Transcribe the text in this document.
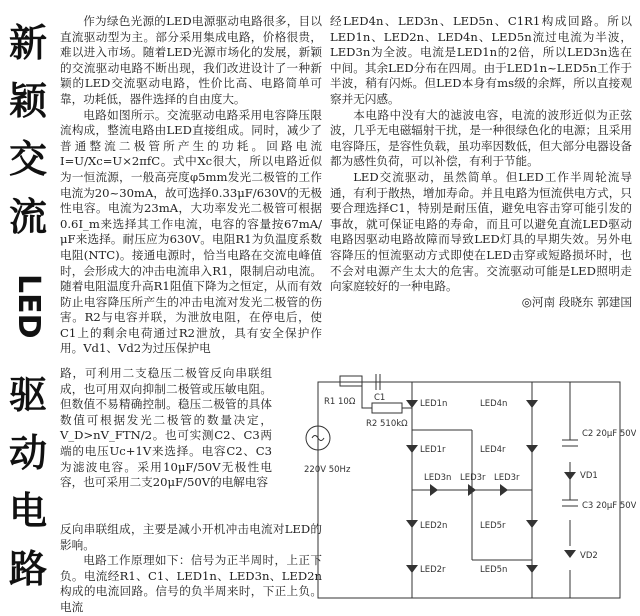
新
颖
交
流
LED
驱
动
电
路

作为绿色光源的LED电源驱动电路很多，目以直流驱动型为主。部分采用集成电路，价格很贵，难以进入市场。随着LED光源市场化的发展，新颖的交流驱动电路不断出现，我们改进设计了一种新颖的LED交流驱动电路，性价比高、电路简单可靠，功耗低，器件选择的自由度大。

电路如图所示。交流驱动电路采用电容降压限流构成，整流电路由LED直接组成。同时，减少了普通整流二极管所产生的功耗。回路电流I=U/Xc=U×2πfC。式中Xc很大，所以电路近似为一恒流源，一般高亮度φ5mm发光二极管的工作电流为20~30mA，故可选择0.33μF/630V的无极性电容。电流为23mA，大功率发光二极管可根据0.6I_m来选择其工作电流，电容的容量按67mA/μF来选择。耐压应为630V。电阻R1为负温度系数电阻(NTC)。接通电源时，恰当电路在交流电峰值时，会形成大的冲击电流串入R1，限制启动电流。随着电阻温度升高R1阻值下降为之恒定，从而有效防止电容降压所产生的冲击电流对发光二极管的伤害。R2与电容并联，为泄放电阻，在停电后，使C1上的剩余电荷通过R2泄放，具有安全保护作用。Vd1、Vd2为过压保护电

路，可利用二支稳压二极管反向串联组成，也可用双向抑制二极管或压敏电阻。但数值不易精确控制。稳压二极管的具体数值可根据发光二极管的数量决定，V_D>nV_FTN/2。也可实测C2、C3两端的电压Uc+1V来选择。电容C2、C3为滤波电容。采用10μF/50V无极性电容，也可采用二支20μF/50V的电解电容

反向串联组成，主要是减小开机冲击电流对LED的影响。

电路工作原理如下：信号为正半周时，上正下负。电流经R1、C1、LED1n、LED3n、LED2n构成的电流回路。信号的负半周来时，下正上负。电流

经LED4n、LED3n、LED5n、C1R1构成回路。所以LED1n、LED2n、LED4n、LED5n流过电流为半波，LED3n为全波。电流是LED1n的2倍，所以LED3n选在中间。其余LED分布在四周。由于LED1n~LED5n工作于半波，稍有闪烁。但LED本身有ms级的余辉，所以直接观察并无闪感。

本电路中没有大的滤波电容，电流的波形近似为正弦波，几乎无电磁辐射干扰，是一种很绿色化的电源；且采用电容降压，是容性负载，虽功率因数低，但大部分电器设备都为感性负荷，可以补偿，有利于节能。

LED交流驱动，虽然简单。但LED工作半周轮流导通，有利于散热，增加寿命。并且电路为恒流供电方式，只要合理选择C1，特别是耐压值，避免电容击穿可能引发的事故，就可保证电路的寿命，而且可以避免直流LED驱动电路因驱动电路故障而导致LED灯具的早期失效。另外电容降压的恒流驱动方式即使在LED击穿或短路损坏时，也不会对电源产生太大的危害。交流驱动可能是LED照明走向家庭较好的一种电路。

◎河南 段晓东 郭建国

R1 10Ω C1
R2 510kΩ
220V 50Hz
LED1n
LED1r
LED4n
LED4r
LED3n LED3r LED3r
LED2n
LED2r
LED5r
LED5n
C2 20μF 50V
C3 20μF 50V
VD1
VD2
